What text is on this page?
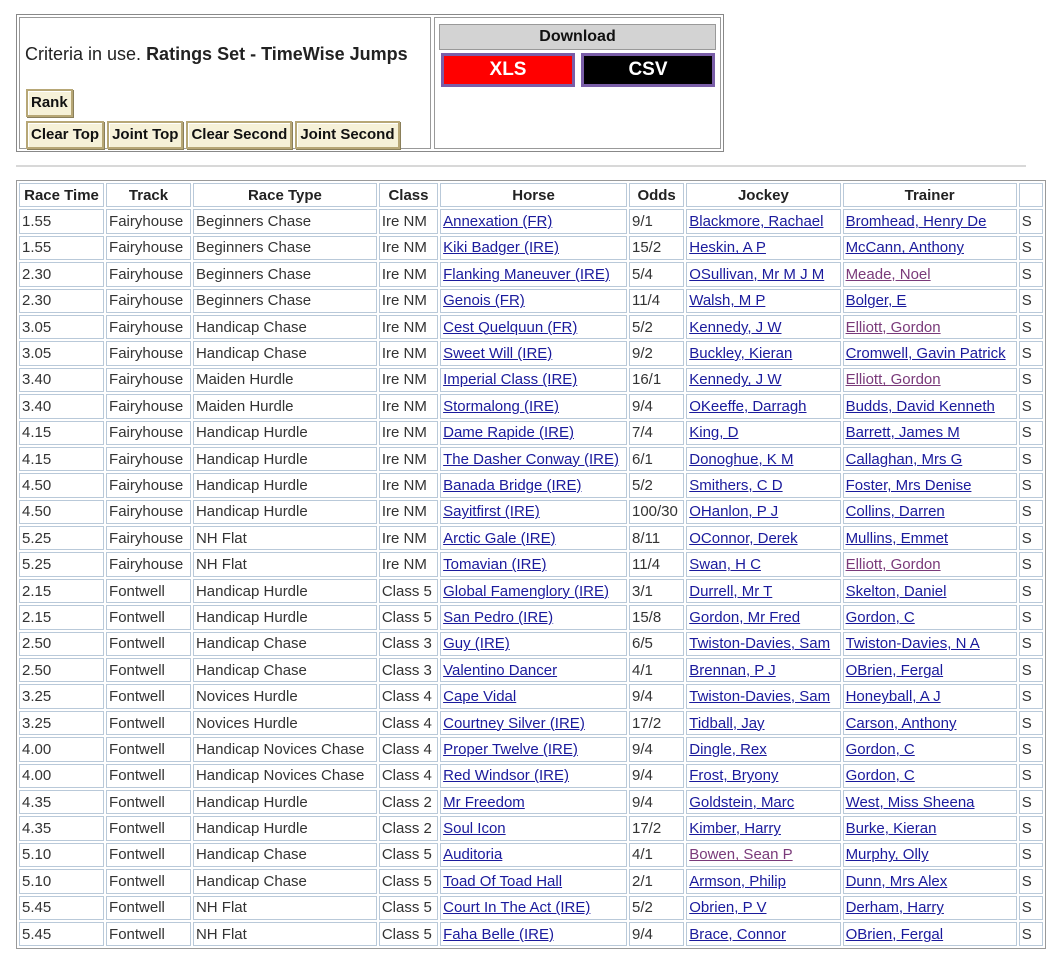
Criteria in use. Ratings Set - TimeWise Jumps
Rank
Clear Top Joint Top Clear Second Joint Second
Download
XLS	CSV
Race Time	Track	Race Type	Class	Horse	Odds	Jockey	Trainer	
1.55	Fairyhouse	Beginners Chase	Ire NM	Annexation (FR)	9/1	Blackmore, Rachael	Bromhead, Henry De	S
1.55	Fairyhouse	Beginners Chase	Ire NM	Kiki Badger (IRE)	15/2	Heskin, A P	McCann, Anthony	S
2.30	Fairyhouse	Beginners Chase	Ire NM	Flanking Maneuver (IRE)	5/4	OSullivan, Mr M J M	Meade, Noel	S
2.30	Fairyhouse	Beginners Chase	Ire NM	Genois (FR)	11/4	Walsh, M P	Bolger, E	S
3.05	Fairyhouse	Handicap Chase	Ire NM	Cest Quelquun (FR)	5/2	Kennedy, J W	Elliott, Gordon	S
3.05	Fairyhouse	Handicap Chase	Ire NM	Sweet Will (IRE)	9/2	Buckley, Kieran	Cromwell, Gavin Patrick	S
3.40	Fairyhouse	Maiden Hurdle	Ire NM	Imperial Class (IRE)	16/1	Kennedy, J W	Elliott, Gordon	S
3.40	Fairyhouse	Maiden Hurdle	Ire NM	Stormalong (IRE)	9/4	OKeeffe, Darragh	Budds, David Kenneth	S
4.15	Fairyhouse	Handicap Hurdle	Ire NM	Dame Rapide (IRE)	7/4	King, D	Barrett, James M	S
4.15	Fairyhouse	Handicap Hurdle	Ire NM	The Dasher Conway (IRE)	6/1	Donoghue, K M	Callaghan, Mrs G	S
4.50	Fairyhouse	Handicap Hurdle	Ire NM	Banada Bridge (IRE)	5/2	Smithers, C D	Foster, Mrs Denise	S
4.50	Fairyhouse	Handicap Hurdle	Ire NM	Sayitfirst (IRE)	100/30	OHanlon, P J	Collins, Darren	S
5.25	Fairyhouse	NH Flat	Ire NM	Arctic Gale (IRE)	8/11	OConnor, Derek	Mullins, Emmet	S
5.25	Fairyhouse	NH Flat	Ire NM	Tomavian (IRE)	11/4	Swan, H C	Elliott, Gordon	S
2.15	Fontwell	Handicap Hurdle	Class 5	Global Famenglory (IRE)	3/1	Durrell, Mr T	Skelton, Daniel	S
2.15	Fontwell	Handicap Hurdle	Class 5	San Pedro (IRE)	15/8	Gordon, Mr Fred	Gordon, C	S
2.50	Fontwell	Handicap Chase	Class 3	Guy (IRE)	6/5	Twiston-Davies, Sam	Twiston-Davies, N A	S
2.50	Fontwell	Handicap Chase	Class 3	Valentino Dancer	4/1	Brennan, P J	OBrien, Fergal	S
3.25	Fontwell	Novices Hurdle	Class 4	Cape Vidal	9/4	Twiston-Davies, Sam	Honeyball, A J	S
3.25	Fontwell	Novices Hurdle	Class 4	Courtney Silver (IRE)	17/2	Tidball, Jay	Carson, Anthony	S
4.00	Fontwell	Handicap Novices Chase	Class 4	Proper Twelve (IRE)	9/4	Dingle, Rex	Gordon, C	S
4.00	Fontwell	Handicap Novices Chase	Class 4	Red Windsor (IRE)	9/4	Frost, Bryony	Gordon, C	S
4.35	Fontwell	Handicap Hurdle	Class 2	Mr Freedom	9/4	Goldstein, Marc	West, Miss Sheena	S
4.35	Fontwell	Handicap Hurdle	Class 2	Soul Icon	17/2	Kimber, Harry	Burke, Kieran	S
5.10	Fontwell	Handicap Chase	Class 5	Auditoria	4/1	Bowen, Sean P	Murphy, Olly	S
5.10	Fontwell	Handicap Chase	Class 5	Toad Of Toad Hall	2/1	Armson, Philip	Dunn, Mrs Alex	S
5.45	Fontwell	NH Flat	Class 5	Court In The Act (IRE)	5/2	Obrien, P V	Derham, Harry	S
5.45	Fontwell	NH Flat	Class 5	Faha Belle (IRE)	9/4	Brace, Connor	OBrien, Fergal	S
